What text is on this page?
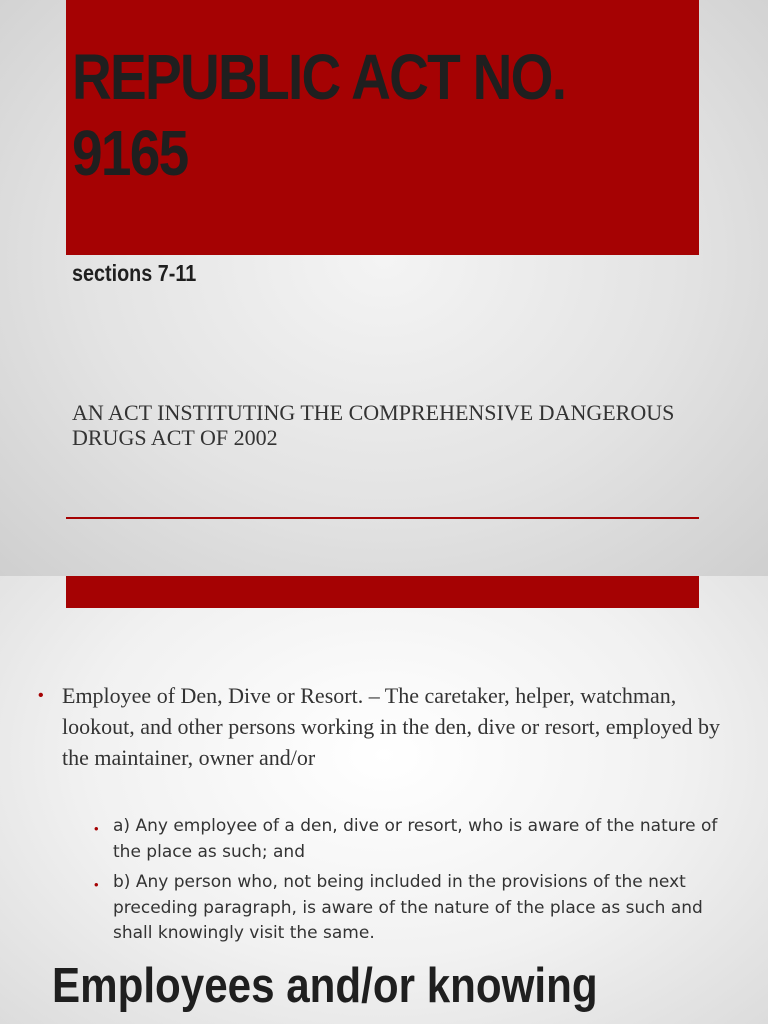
REPUBLIC ACT NO. 9165
sections 7-11

AN ACT INSTITUTING THE COMPREHENSIVE DANGEROUS DRUGS ACT OF 2002

• Employee of Den, Dive or Resort. – The caretaker, helper, watchman, lookout, and other persons working in the den, dive or resort, employed by the maintainer, owner and/or

• a) Any employee of a den, dive or resort, who is aware of the nature of the place as such; and

• b) Any person who, not being included in the provisions of the next preceding paragraph, is aware of the nature of the place as such and shall knowingly visit the same.

Employees and/or knowing
